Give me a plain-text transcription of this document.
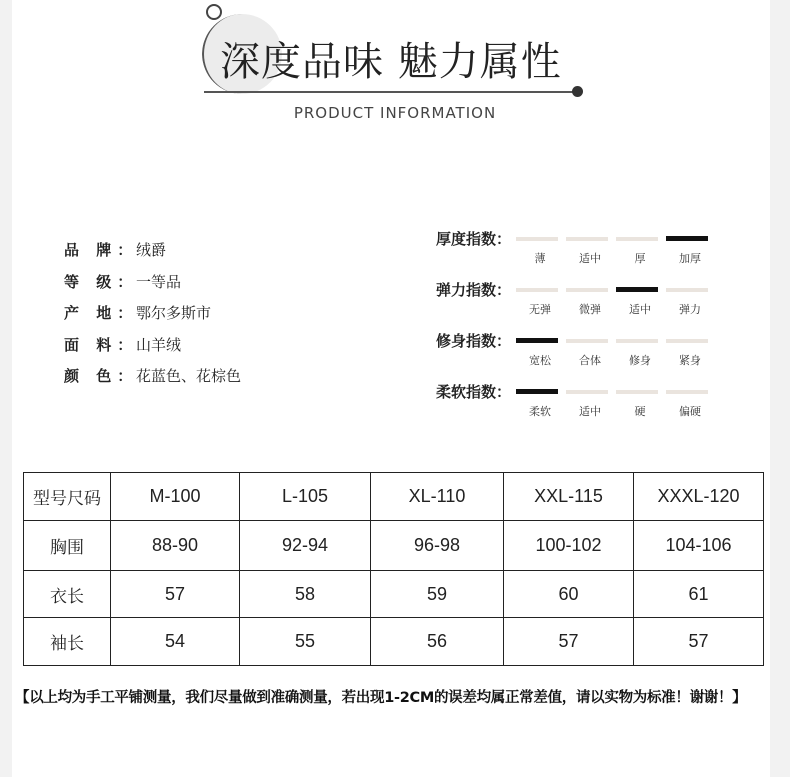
深度品味 魅力属性
PRODUCT INFORMATION
品 牌：
绒爵
等 级：
一等品
产 地：
鄂尔多斯市
面 料：
山羊绒
颜 色：
花蓝色、花棕色
厚度指数：
薄	适中	厚	加厚
弹力指数：
无弹	微弹	适中	弹力
修身指数：
宽松	合体	修身	紧身
柔软指数：
柔软	适中	硬	偏硬
型号尺码	M-100	L-105	XL-110	XXL-115	XXXL-120
胸围	88-90	92-94	96-98	100-102	104-106
衣长	57	58	59	60	61
袖长	54	55	56	57	57
【以上均为手工平铺测量，我们尽量做到准确测量，若出现1-2CM的误差均属正常差值，请以实物为标准！谢谢！】
